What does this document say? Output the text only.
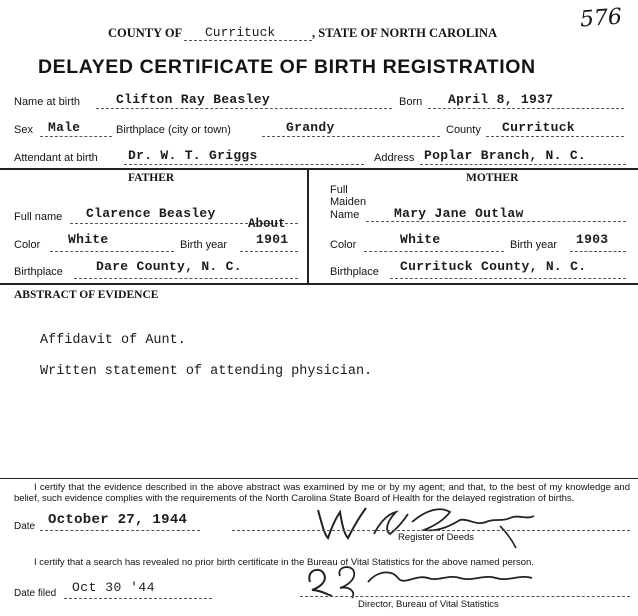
576
COUNTY OF Currituck	, STATE OF NORTH CAROLINA
DELAYED CERTIFICATE OF BIRTH REGISTRATION
Name at birth	Clifton Ray Beasley	Born April 8, 1937
Sex Male	Birthplace (city or town)	Grandy	County Currituck
Attendant at birth Dr. W. T. Griggs	Address Poplar Branch, N. C.
FATHER	MOTHER
Full name Clarence Beasley
About
Color White	Birth year 1901
Birthplace	Dare County, N. C.
Full
Maiden
Name	Mary Jane Outlaw
Color	White	Birth year 1903
Birthplace Currituck County, N. C.
ABSTRACT OF EVIDENCE
Affidavit of Aunt.
Written statement of attending physician.
I certify that the evidence described in the above abstract was examined by me or by my agent; and that, to the best of my knowledge and belief, such evidence complies with the requirements of the North Carolina State Board of Health for the delayed registration of births.
Date October 27, 1944
Register of Deeds
I certify that a search has revealed no prior birth certificate in the Bureau of Vital Statistics for the above named person.
Date filed Oct 30 '44
Director, Bureau of Vital Statistics
